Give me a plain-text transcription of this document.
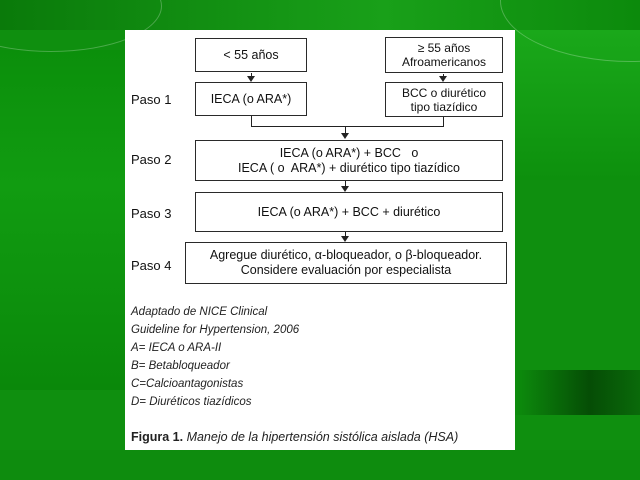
< 55 años	≥ 55 años
Afroamericanos
Paso 1	IECA (o ARA*)	BCC o diurético
tipo tiazídico
Paso 2	IECA (o ARA*) + BCC   o
IECA ( o  ARA*) + diurético tipo tiazídico
Paso 3	IECA (o ARA*) + BCC + diurético
Paso 4
Agregue diurético, α-bloqueador, o β-bloqueador.
Considere evaluación por especialista
Adaptado de NICE Clinical
Guideline for Hypertension, 2006
A= IECA o ARA-II
B= Betabloqueador
C=Calcioantagonistas
D= Diuréticos tiazídicos
Figura 1. Manejo de la hipertensión sistólica aislada (HSA)
